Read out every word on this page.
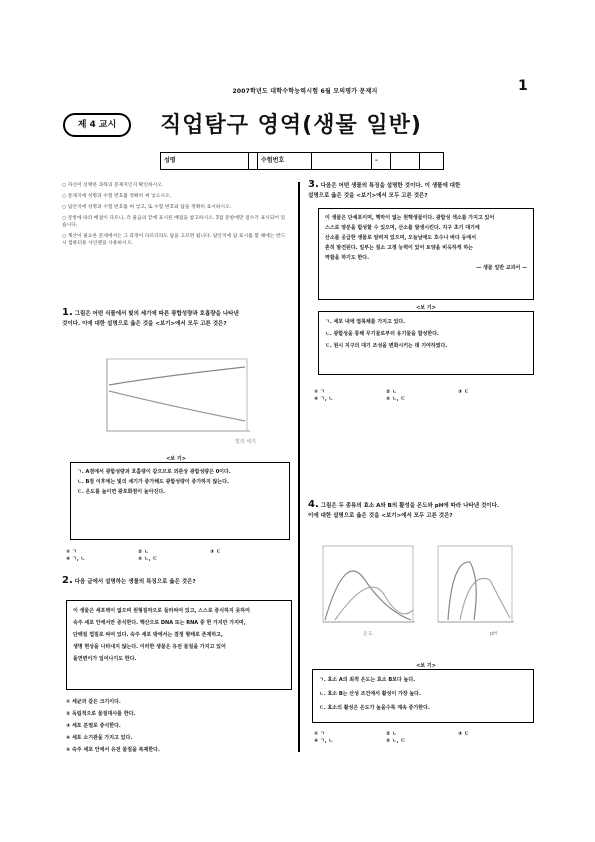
2007학년도 대학수학능력시험 6월 모의평가 문제지	1
제 4 교시	직업탐구 영역(생물 일반)
성명	수험번호	–
○ 자신이 선택한 과목의 문제지인지 확인하시오.
○ 문제지에 성명과 수험 번호를 정확히 써 넣으시오.
○ 답안지에 성명과 수험 번호를 써 넣고, 또 수험 번호와 답을 정확히 표시하시오.
○ 문항에 따라 배점이 다르니, 각 물음의 끝에 표시된 배점을 참고하시오. 3점 문항에만 점수가 표시되어 있습니다.
○ 계산이 필요한 문제에서는 그 과정이 다르더라도 답을 고르면 됩니다. 답안지에 답 표시를 할 때에는 반드시 컴퓨터용 사인펜을 사용하시오.
1. 그림은 어떤 식물에서 빛의 세기에 따른 광합성량과 호흡량을 나타낸
것이다. 이에 대한 설명으로 옳은 것을 <보기>에서 모두 고른 것은?
빛의 세기
<보 기>
ㄱ. A점에서 광합성량과 호흡량이 같으므로 외관상 광합성량은 0이다.
ㄴ. B점 이후에는 빛의 세기가 증가해도 광합성량이 증가하지 않는다.
ㄷ. 온도를 높이면 광포화점이 높아진다.
① ㄱ	② ㄴ	③ ㄷ
④ ㄱ, ㄴ	⑤ ㄴ, ㄷ
2. 다음 글에서 설명하는 생물의 특징으로 옳은 것은?
이 생물은 세포벽이 없으며 원형질막으로 둘러싸여 있고, 스스로 증식하지 못하여
숙주 세포 안에서만 증식한다. 핵산으로 DNA 또는 RNA 중 한 가지만 가지며,
단백질 껍질로 싸여 있다. 숙주 세포 밖에서는 결정 형태로 존재하고,
생명 현상을 나타내지 않는다. 이러한 생물은 유전 물질을 가지고 있어
돌연변이가 일어나기도 한다.
① 세균과 같은 크기이다.
② 독립적으로 물질대사를 한다.
③ 세포 분열로 증식한다.
④ 세포 소기관을 가지고 있다.
⑤ 숙주 세포 안에서 유전 물질을 복제한다.
3. 다음은 어떤 생물의 특징을 설명한 것이다. 이 생물에 대한
설명으로 옳은 것을 <보기>에서 모두 고른 것은?
이 생물은 단세포이며, 핵막이 없는 원핵생물이다. 광합성 색소를 가지고 있어
스스로 양분을 합성할 수 있으며, 산소를 발생시킨다. 지구 초기 대기에
산소를 공급한 생물로 알려져 있으며, 오늘날에도 호수나 바다 등에서
흔히 발견된다. 일부는 질소 고정 능력이 있어 토양을 비옥하게 하는
역할을 하기도 한다.
— 생물 일반 교과서 —
<보 기>
ㄱ. 세포 내에 엽록체를 가지고 있다.
ㄴ. 광합성을 통해 무기물로부터 유기물을 합성한다.
ㄷ. 원시 지구의 대기 조성을 변화시키는 데 기여하였다.
① ㄱ	② ㄴ	③ ㄷ
④ ㄱ, ㄴ	⑤ ㄴ, ㄷ
4. 그림은 두 종류의 효소 A와 B의 활성을 온도와 pH에 따라 나타낸 것이다.
이에 대한 설명으로 옳은 것을 <보기>에서 모두 고른 것은?
온도	pH
<보 기>
ㄱ. 효소 A의 최적 온도는 효소 B보다 높다.
ㄴ. 효소 B는 산성 조건에서 활성이 가장 높다.
ㄷ. 효소의 활성은 온도가 높을수록 계속 증가한다.
① ㄱ	② ㄴ	③ ㄷ
④ ㄱ, ㄴ	⑤ ㄴ, ㄷ
